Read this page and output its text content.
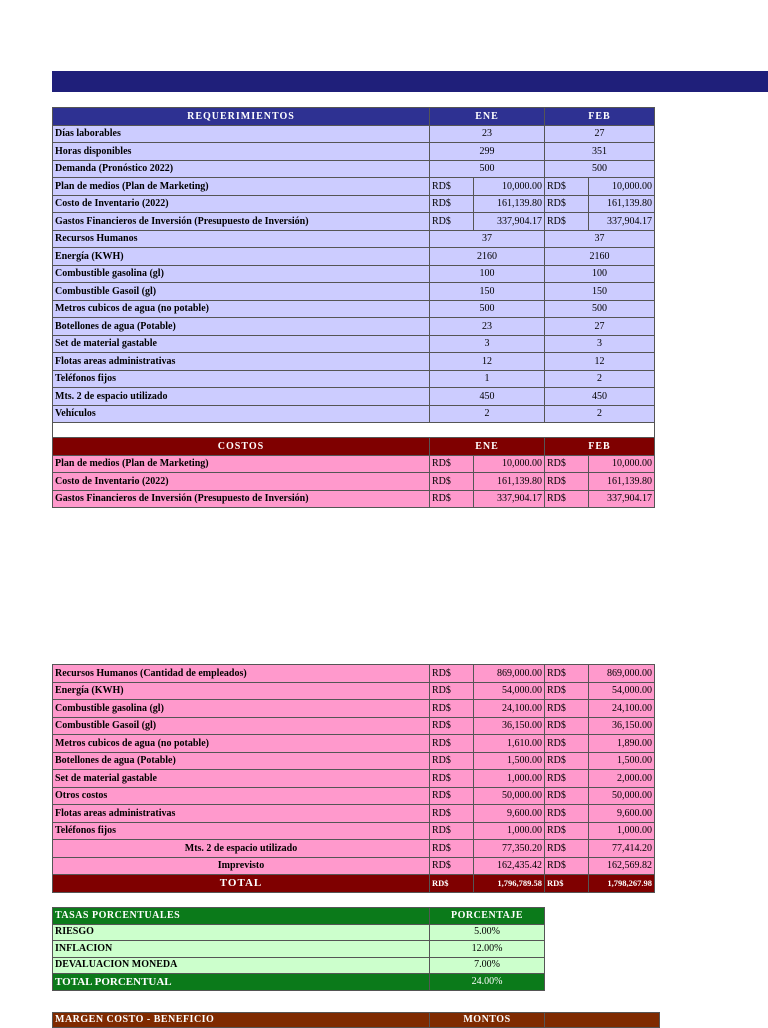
REQUERIMIENTOS	ENE		FEB	
Días laborables	23		27	
Horas disponibles	299		351	
Demanda (Pronóstico 2022)	500		500	
Plan de medios (Plan de Marketing)	RD$	10,000.00	RD$	10,000.00
Costo de Inventario (2022)	RD$	161,139.80	RD$	161,139.80
Gastos Financieros de Inversión (Presupuesto de Inversión)	RD$	337,904.17	RD$	337,904.17
Recursos Humanos	37		37	
Energía (KWH)	2160		2160	
Combustible gasolina (gl)	100		100	
Combustible Gasoil (gl)	150		150	
Metros cubicos de agua (no potable)	500		500	
Botellones de agua (Potable)	23		27	
Set de material gastable	3		3	
Flotas areas administrativas	12		12	
Teléfonos fijos	1		2	
Mts. 2 de espacio utilizado	450		450	
Vehículos	2		2	

COSTOS	ENE		FEB	
Plan de medios (Plan de Marketing)	RD$	10,000.00	RD$	10,000.00
Costo de Inventario (2022)	RD$	161,139.80	RD$	161,139.80
Gastos Financieros de Inversión (Presupuesto de Inversión)	RD$	337,904.17	RD$	337,904.17
Recursos Humanos (Cantidad de empleados)	RD$	869,000.00	RD$	869,000.00
Energía (KWH)	RD$	54,000.00	RD$	54,000.00
Combustible gasolina (gl)	RD$	24,100.00	RD$	24,100.00
Combustible Gasoil (gl)	RD$	36,150.00	RD$	36,150.00
Metros cubicos de agua (no potable)	RD$	1,610.00	RD$	1,890.00
Botellones de agua (Potable)	RD$	1,500.00	RD$	1,500.00
Set de material gastable	RD$	1,000.00	RD$	2,000.00
Otros costos	RD$	50,000.00	RD$	50,000.00
Flotas areas administrativas	RD$	9,600.00	RD$	9,600.00
Teléfonos fijos	RD$	1,000.00	RD$	1,000.00
Mts. 2 de espacio utilizado	RD$	77,350.20	RD$	77,414.20
Imprevisto	RD$	162,435.42	RD$	162,569.82
TOTAL	RD$	1,796,789.58	RD$	1,798,267.98
TASAS PORCENTUALES	PORCENTAJE
RIESGO	5.00%
INFLACION	12.00%
DEVALUACION MONEDA	7.00%
TOTAL PORCENTUAL	24.00%
MARGEN COSTO - BENEFICIO	MONTOS	
